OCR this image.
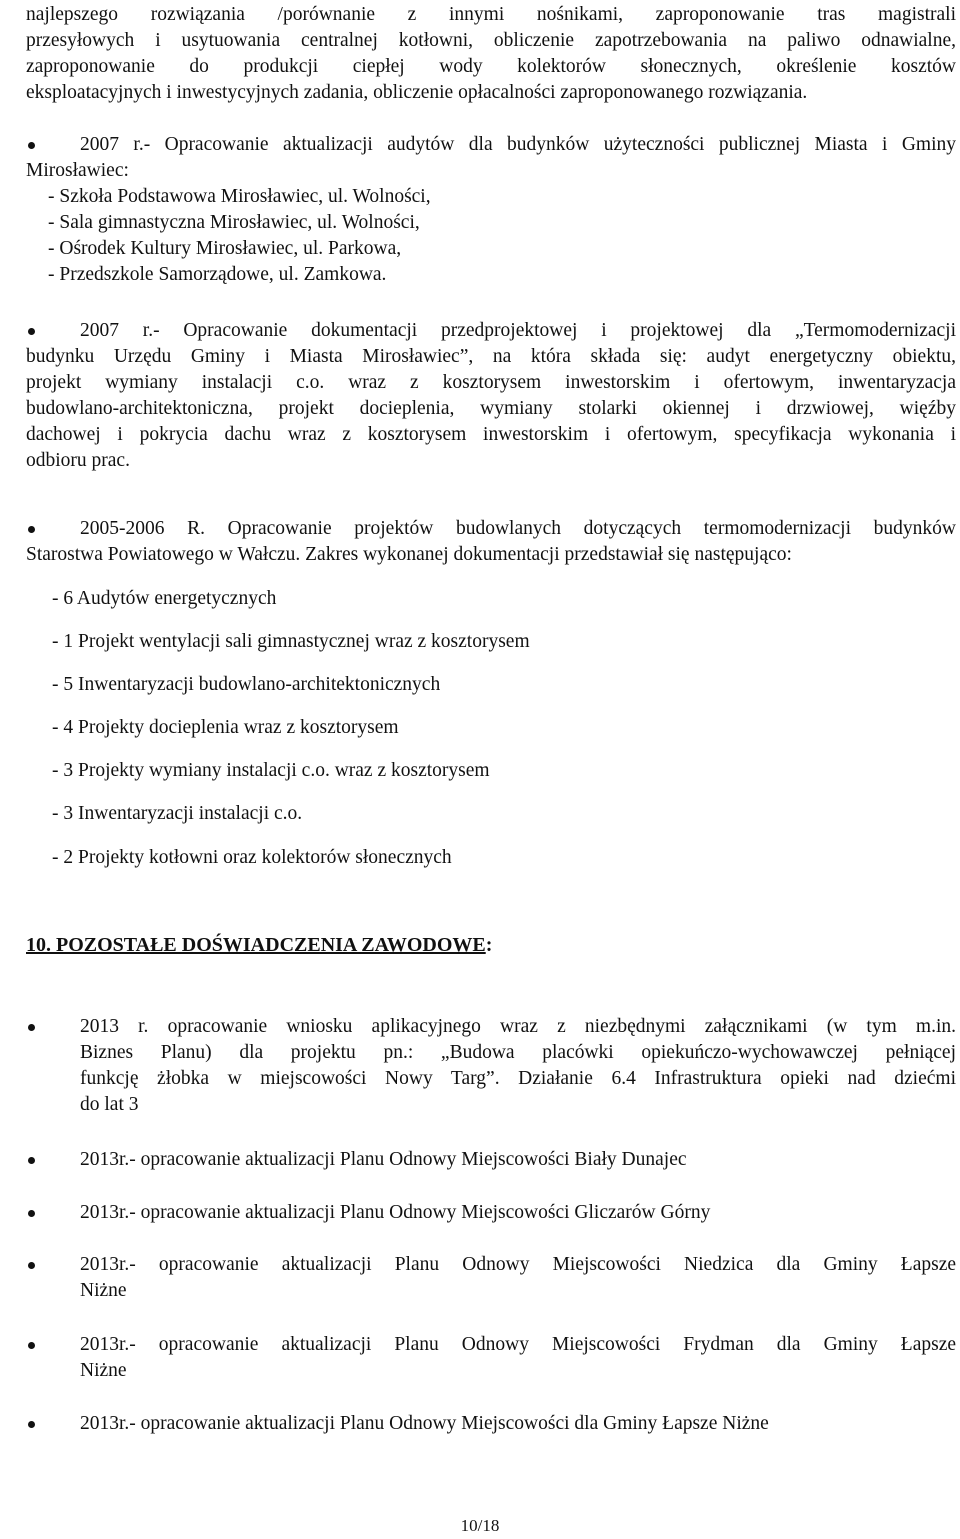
najlepszego rozwiązania /porównanie z innymi nośnikami, zaproponowanie tras magistrali
przesyłowych i usytuowania centralnej kotłowni, obliczenie zapotrzebowania na paliwo odnawialne,
zaproponowanie do produkcji ciepłej wody kolektorów słonecznych, określenie kosztów
eksploatacyjnych i inwestycyjnych zadania, obliczenie opłacalności zaproponowanego rozwiązania.
2007 r.- Opracowanie aktualizacji audytów dla budynków użyteczności publicznej Miasta i Gminy
Mirosławiec:
- Szkoła Podstawowa Mirosławiec, ul. Wolności,
- Sala gimnastyczna Mirosławiec, ul. Wolności,
- Ośrodek Kultury Mirosławiec, ul. Parkowa,
- Przedszkole Samorządowe, ul. Zamkowa.
2007 r.- Opracowanie dokumentacji przedprojektowej i projektowej dla „Termomodernizacji
budynku Urzędu Gminy i Miasta Mirosławiec”, na która składa się: audyt energetyczny obiektu,
projekt wymiany instalacji c.o. wraz z kosztorysem inwestorskim i ofertowym, inwentaryzacja
budowlano-architektoniczna, projekt docieplenia, wymiany stolarki okiennej i drzwiowej, więźby
dachowej i pokrycia dachu wraz z kosztorysem inwestorskim i ofertowym, specyfikacja wykonania i
odbioru prac.
2005-2006 R. Opracowanie projektów budowlanych dotyczących termomodernizacji budynków
Starostwa Powiatowego w Wałczu. Zakres wykonanej dokumentacji przedstawiał się następująco:
- 6 Audytów energetycznych
- 1 Projekt wentylacji sali gimnastycznej wraz z kosztorysem
- 5 Inwentaryzacji budowlano-architektonicznych
- 4 Projekty docieplenia wraz z kosztorysem
- 3 Projekty wymiany instalacji c.o. wraz z kosztorysem
- 3 Inwentaryzacji instalacji c.o.
- 2 Projekty kotłowni oraz kolektorów słonecznych
10. POZOSTAŁE DOŚWIADCZENIA ZAWODOWE:
2013 r. opracowanie wniosku aplikacyjnego wraz z niezbędnymi załącznikami (w tym m.in.
Biznes Planu) dla projektu pn.: „Budowa placówki opiekuńczo-wychowawczej pełniącej
funkcję żłobka w miejscowości Nowy Targ”. Działanie 6.4 Infrastruktura opieki nad dziećmi
do lat 3
2013r.- opracowanie aktualizacji Planu Odnowy Miejscowości Biały Dunajec
2013r.- opracowanie aktualizacji Planu Odnowy Miejscowości Gliczarów Górny
2013r.- opracowanie aktualizacji Planu Odnowy Miejscowości Niedzica dla Gminy Łapsze
Niżne
2013r.- opracowanie aktualizacji Planu Odnowy Miejscowości Frydman dla Gminy Łapsze
Niżne
2013r.- opracowanie aktualizacji Planu Odnowy Miejscowości dla Gminy Łapsze Niżne
10/18
